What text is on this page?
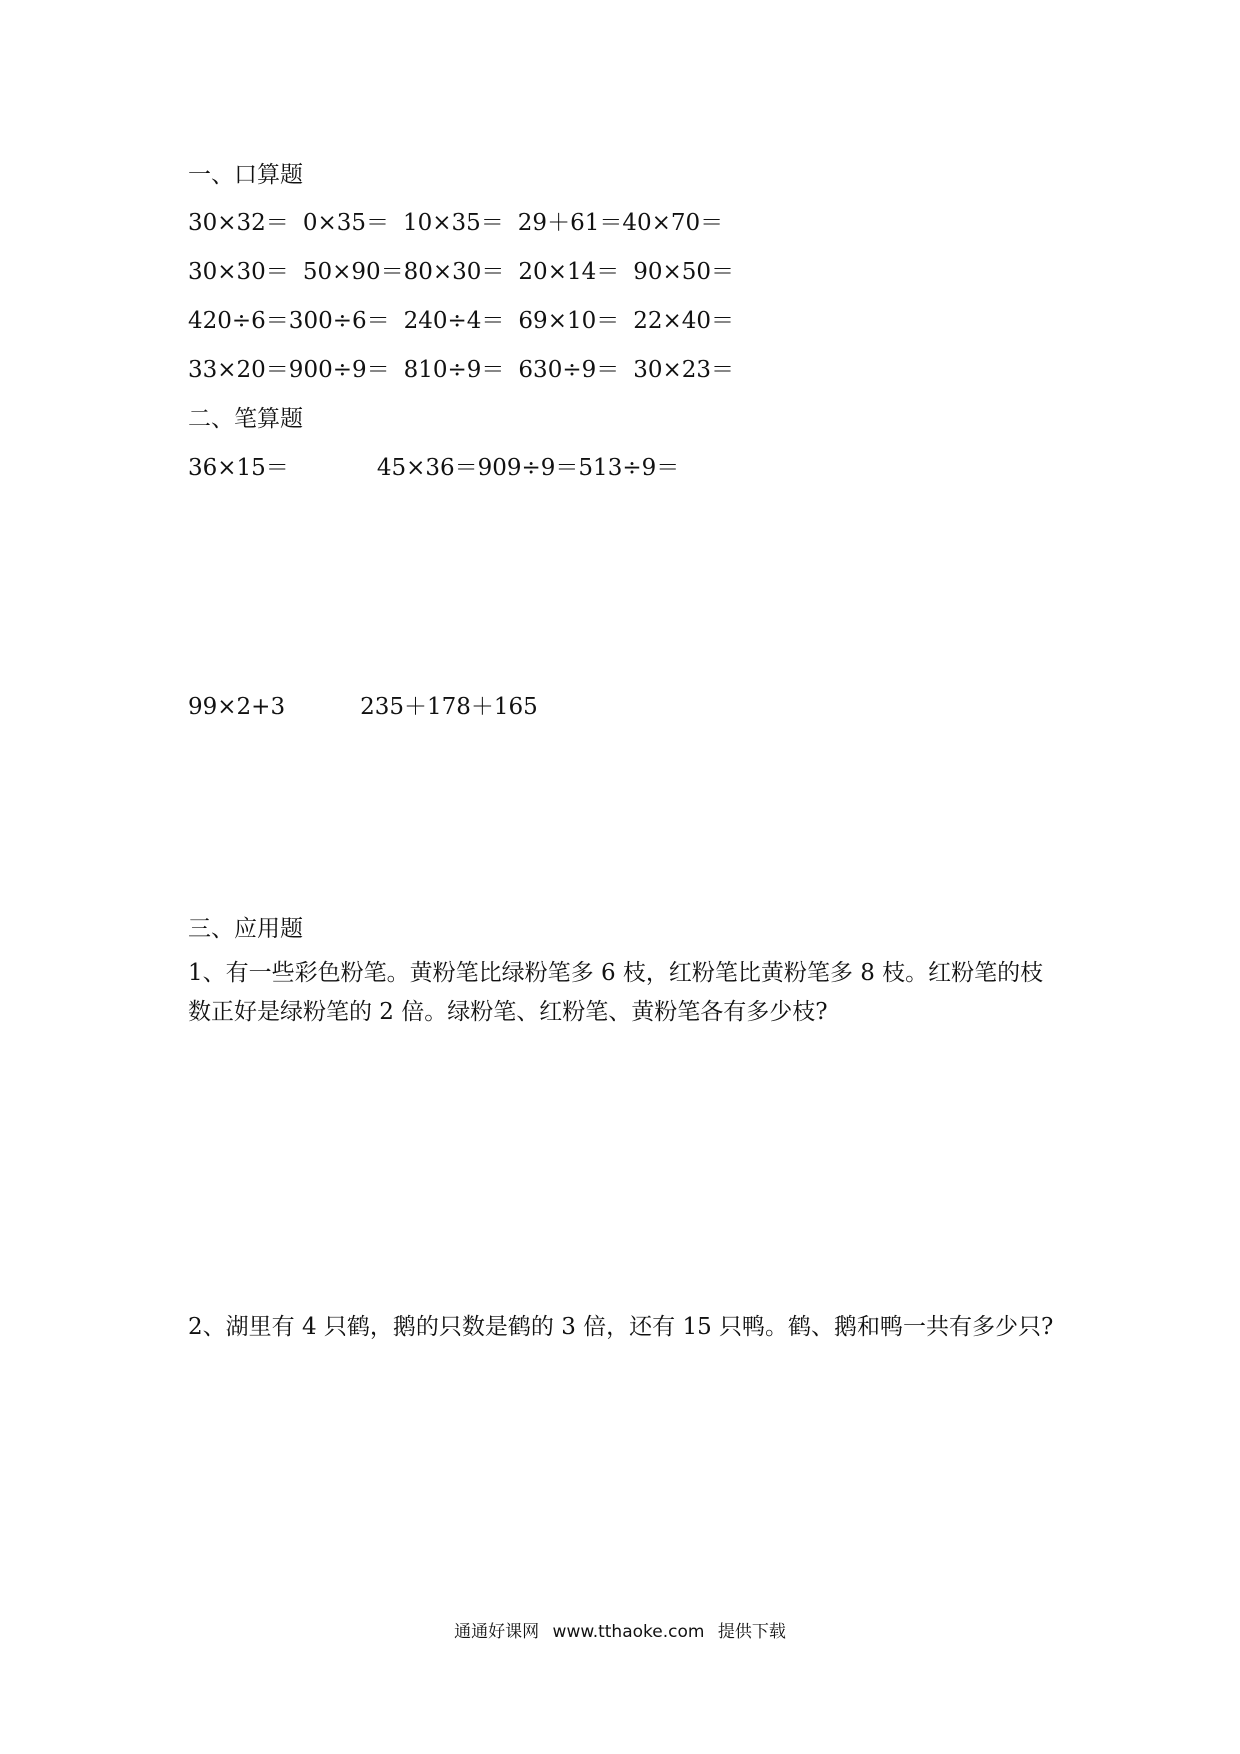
一、口算题
30×32＝ 0×35＝ 10×35＝ 29＋61＝40×70＝
30×30＝ 50×90＝80×30＝ 20×14＝ 90×50＝
420÷6＝300÷6＝ 240÷4＝ 69×10＝ 22×40＝
33×20＝900÷9＝ 810÷9＝ 630÷9＝ 30×23＝
二、笔算题
36×15＝	45×36＝909÷9＝513÷9＝
99×2+3	235＋178＋165
三、应用题
1、有一些彩色粉笔。黄粉笔比绿粉笔多 6 枝，红粉笔比黄粉笔多 8 枝。红粉笔的枝数正好是绿粉笔的 2 倍。绿粉笔、红粉笔、黄粉笔各有多少枝?
2、湖里有 4 只鹤，鹅的只数是鹤的 3 倍，还有 15 只鸭。鹤、鹅和鸭一共有多少只?
通通好课网 www.tthaoke.com 提供下载
